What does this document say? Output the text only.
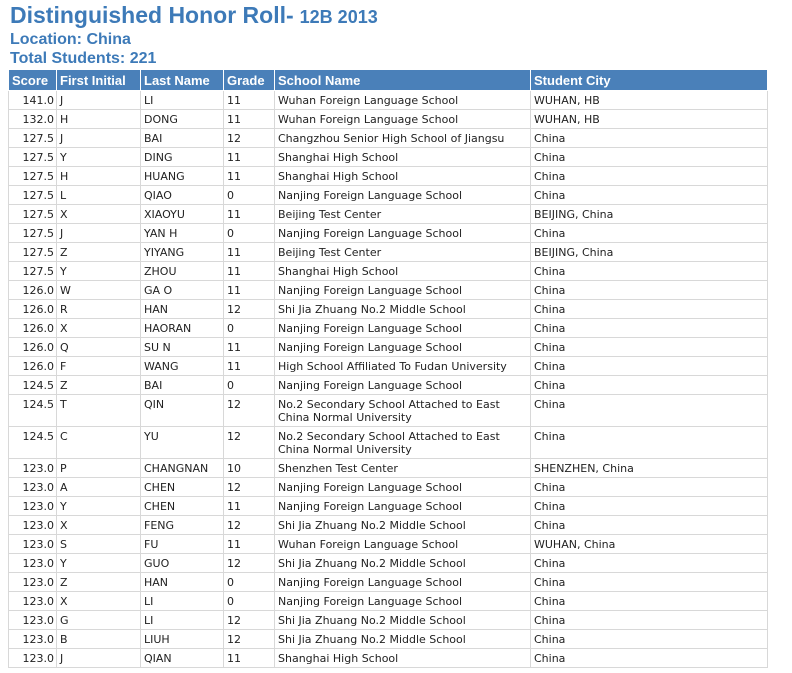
Distinguished Honor Roll- 12B 2013
Location: China
Total Students: 221
Score	First Initial	Last Name	Grade	School Name	Student City
141.0	J	LI	11	Wuhan Foreign Language School	WUHAN, HB
132.0	H	DONG	11	Wuhan Foreign Language School	WUHAN, HB
127.5	J	BAI	12	Changzhou Senior High School of Jiangsu	China
127.5	Y	DING	11	Shanghai High School	China
127.5	H	HUANG	11	Shanghai High School	China
127.5	L	QIAO	0	Nanjing Foreign Language School	China
127.5	X	XIAOYU	11	Beijing Test Center	BEIJING, China
127.5	J	YAN H	0	Nanjing Foreign Language School	China
127.5	Z	YIYANG	11	Beijing Test Center	BEIJING, China
127.5	Y	ZHOU	11	Shanghai High School	China
126.0	W	GA O	11	Nanjing Foreign Language School	China
126.0	R	HAN	12	Shi Jia Zhuang No.2 Middle School	China
126.0	X	HAORAN	0	Nanjing Foreign Language School	China
126.0	Q	SU N	11	Nanjing Foreign Language School	China
126.0	F	WANG	11	High School Affiliated To Fudan University	China
124.5	Z	BAI	0	Nanjing Foreign Language School	China
124.5	T	QIN	12	No.2 Secondary School Attached to East China Normal University	China
124.5	C	YU	12	No.2 Secondary School Attached to East China Normal University	China
123.0	P	CHANGNAN	10	Shenzhen Test Center	SHENZHEN, China
123.0	A	CHEN	12	Nanjing Foreign Language School	China
123.0	Y	CHEN	11	Nanjing Foreign Language School	China
123.0	X	FENG	12	Shi Jia Zhuang No.2 Middle School	China
123.0	S	FU	11	Wuhan Foreign Language School	WUHAN, China
123.0	Y	GUO	12	Shi Jia Zhuang No.2 Middle School	China
123.0	Z	HAN	0	Nanjing Foreign Language School	China
123.0	X	LI	0	Nanjing Foreign Language School	China
123.0	G	LI	12	Shi Jia Zhuang No.2 Middle School	China
123.0	B	LIUH	12	Shi Jia Zhuang No.2 Middle School	China
123.0	J	QIAN	11	Shanghai High School	China
